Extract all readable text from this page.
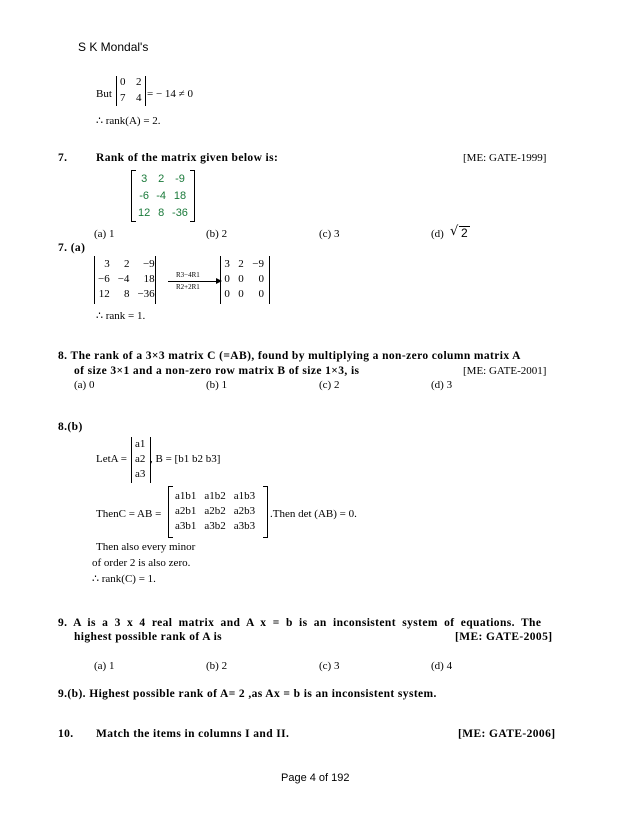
S K Mondal's
But
0 2
7 4 = − 14 ≠ 0
∴ rank(A) = 2.
7. Rank of the matrix given below is:	[ME: GATE-1999]
3	2	-9
-6	-4	18
12	8	-36
(a) 1	(b) 2	(c) 3	(d) √ 2
7. (a)
3	2	−9
−6	−4	18
12	8	−36
R3−4R1
R2+2R1
3	2	−9
0	0	0
0	0	0
∴ rank = 1.
8. The rank of a 3×3 matrix C (=AB), found by multiplying a non-zero column matrix A
of size 3×1 and a non-zero row matrix B of size 1×3, is	[ME: GATE-2001]
(a) 0	(b) 1	(c) 2	(d) 3
8.(b)
LetA =
a1
a2
a3
, B = [b1 b2 b3]
ThenC = AB =
a1b1	a1b2	a1b3
a2b1	a2b2	a2b3
a3b1	a3b2	a3b3
.Then det (AB) = 0.
Then also every minor
of order 2 is also zero.
∴ rank(C) = 1.
9. A is a 3 x 4 real matrix and A x = b is an inconsistent system of equations. The
highest possible rank of A is	[ME: GATE-2005]
(a) 1	(b) 2	(c) 3	(d) 4
9.(b). Highest possible rank of A= 2 ,as Ax = b is an inconsistent system.
10. Match the items in columns I and II.	[ME: GATE-2006]
Page 4 of 192
